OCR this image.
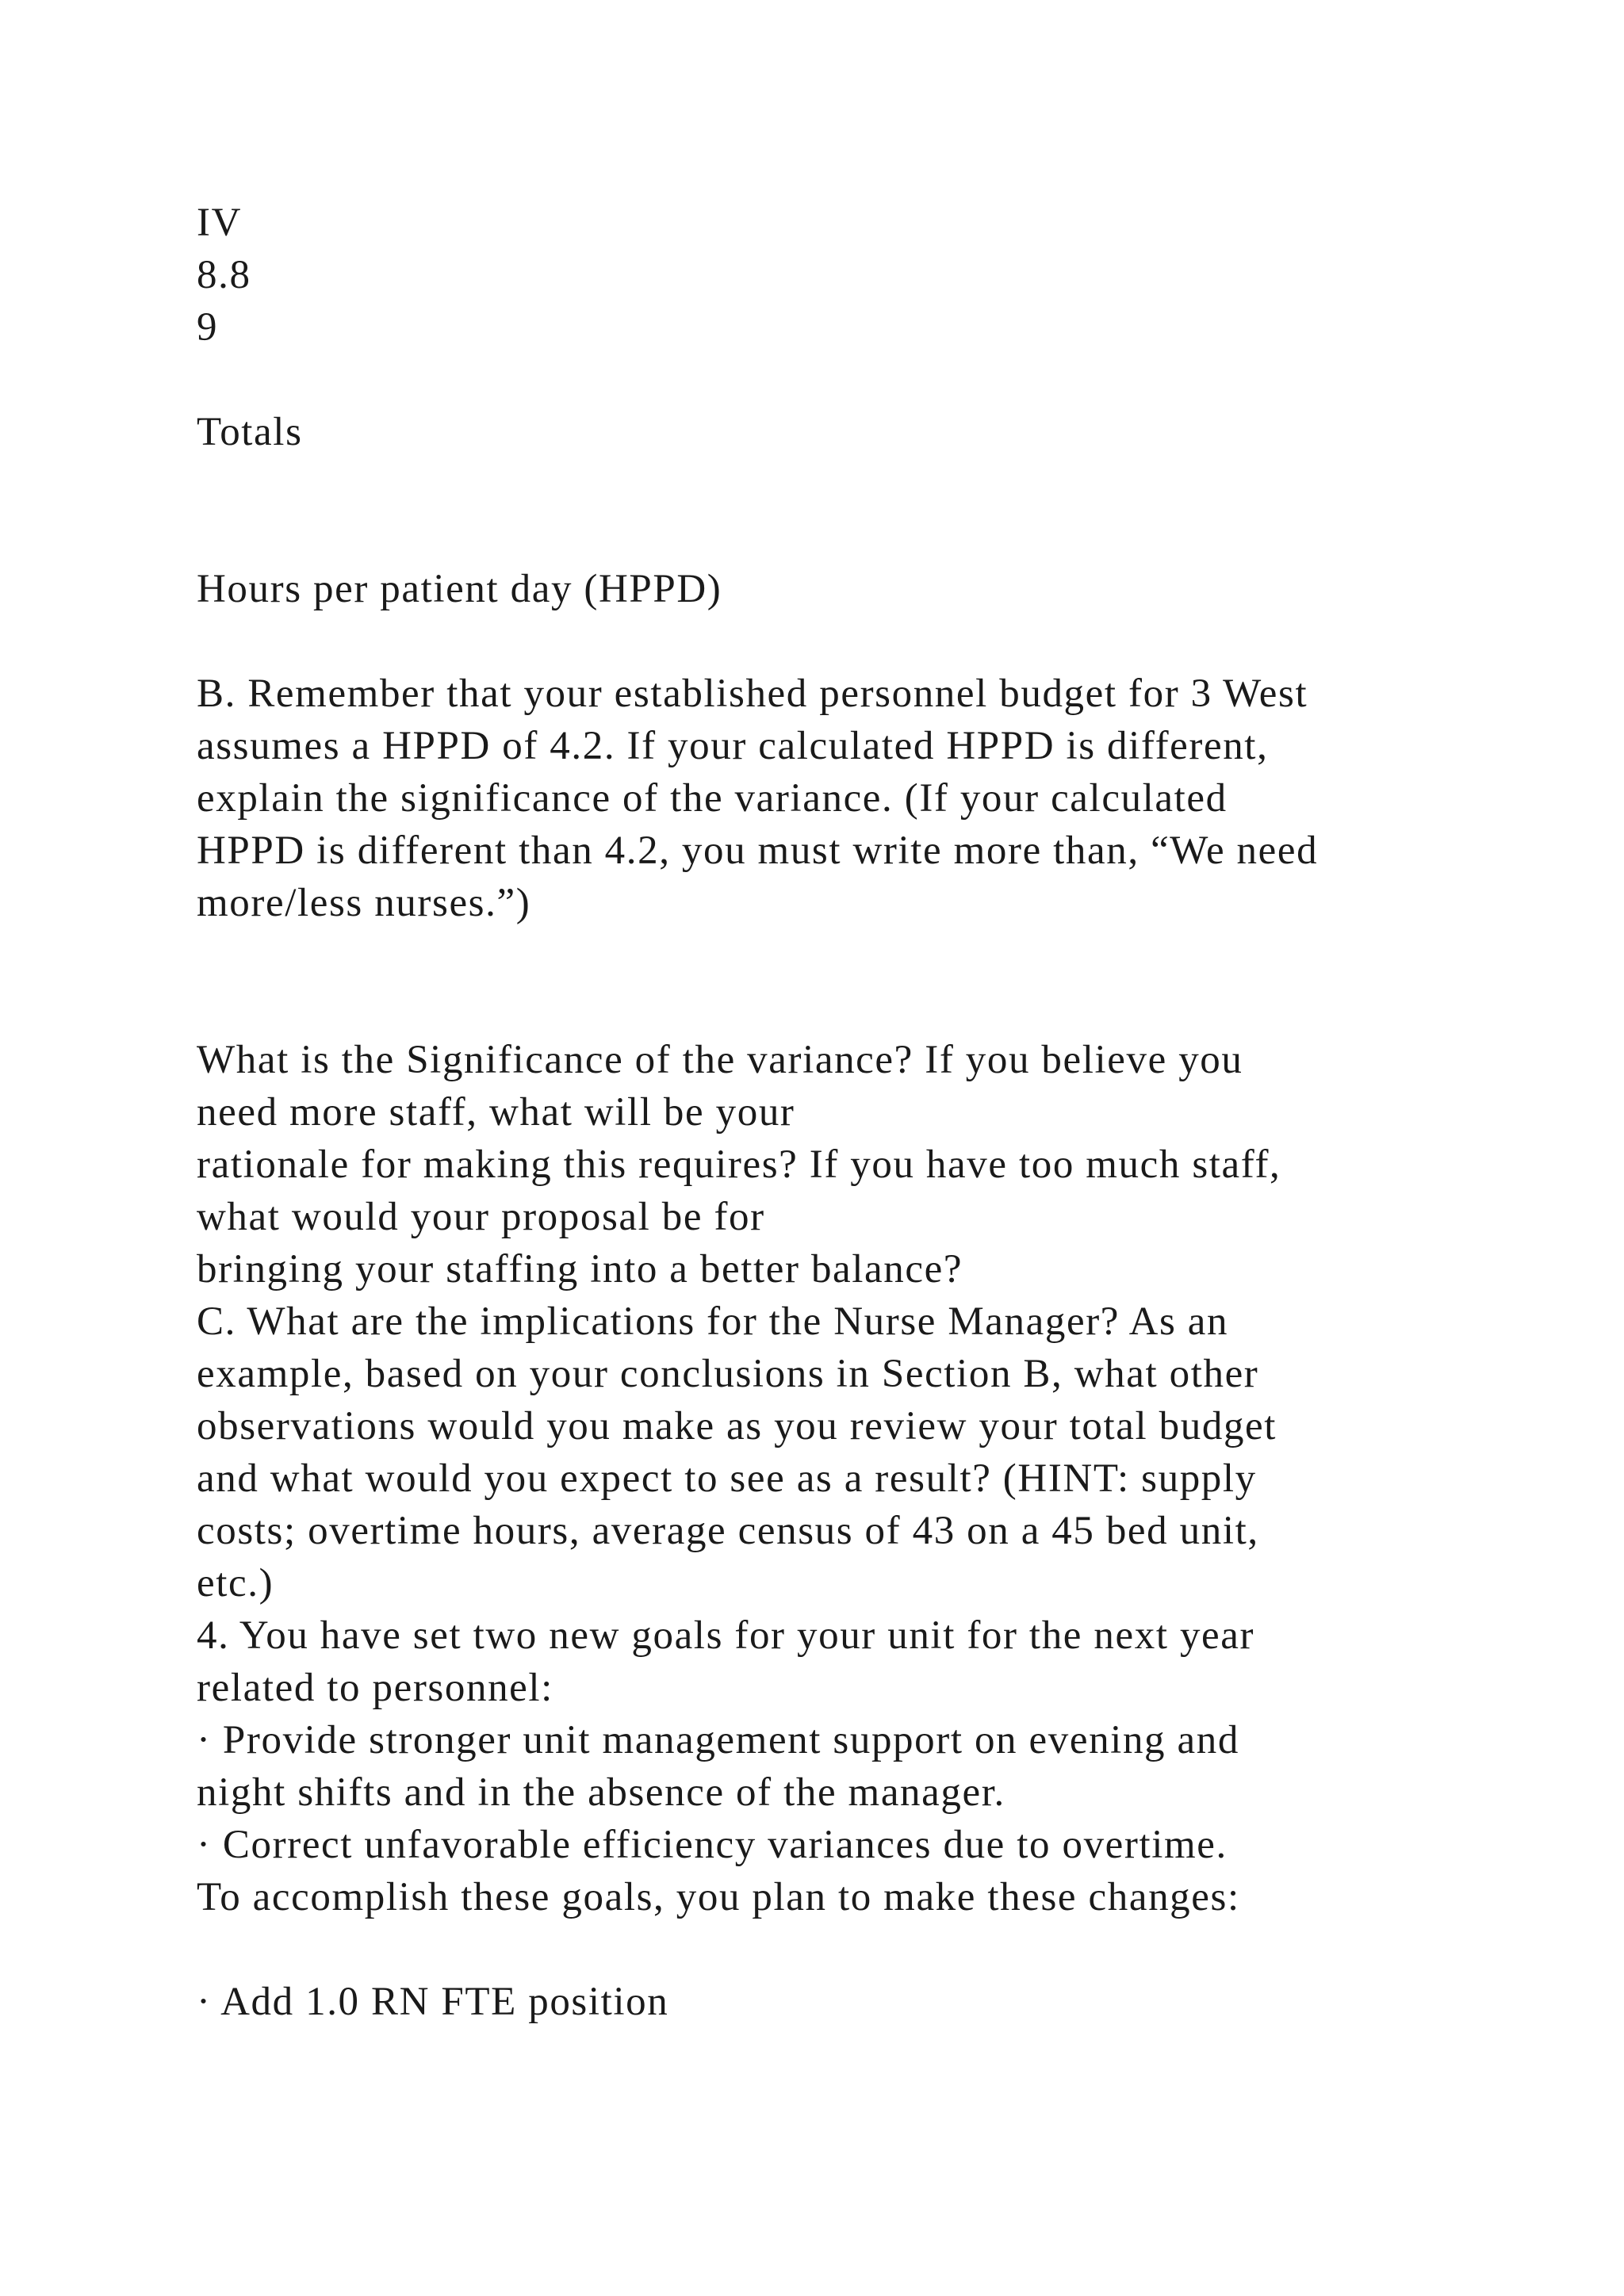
IV
8.8
9
Totals
Hours per patient day (HPPD)
B. Remember that your established personnel budget for 3 West
assumes a HPPD of 4.2. If your calculated HPPD is different,
explain the significance of the variance. (If your calculated
HPPD is different than 4.2, you must write more than, “We need
more/less nurses.”)
What is the Significance of the variance? If you believe you
need more staff, what will be your
rationale for making this requires? If you have too much staff,
what would your proposal be for
bringing your staffing into a better balance?
C. What are the implications for the Nurse Manager? As an
example, based on your conclusions in Section B, what other
observations would you make as you review your total budget
and what would you expect to see as a result? (HINT: supply
costs; overtime hours, average census of 43 on a 45 bed unit,
etc.)
4. You have set two new goals for your unit for the next year
related to personnel:
· Provide stronger unit management support on evening and
night shifts and in the absence of the manager.
· Correct unfavorable efficiency variances due to overtime.
To accomplish these goals, you plan to make these changes:
· Add 1.0 RN FTE position
